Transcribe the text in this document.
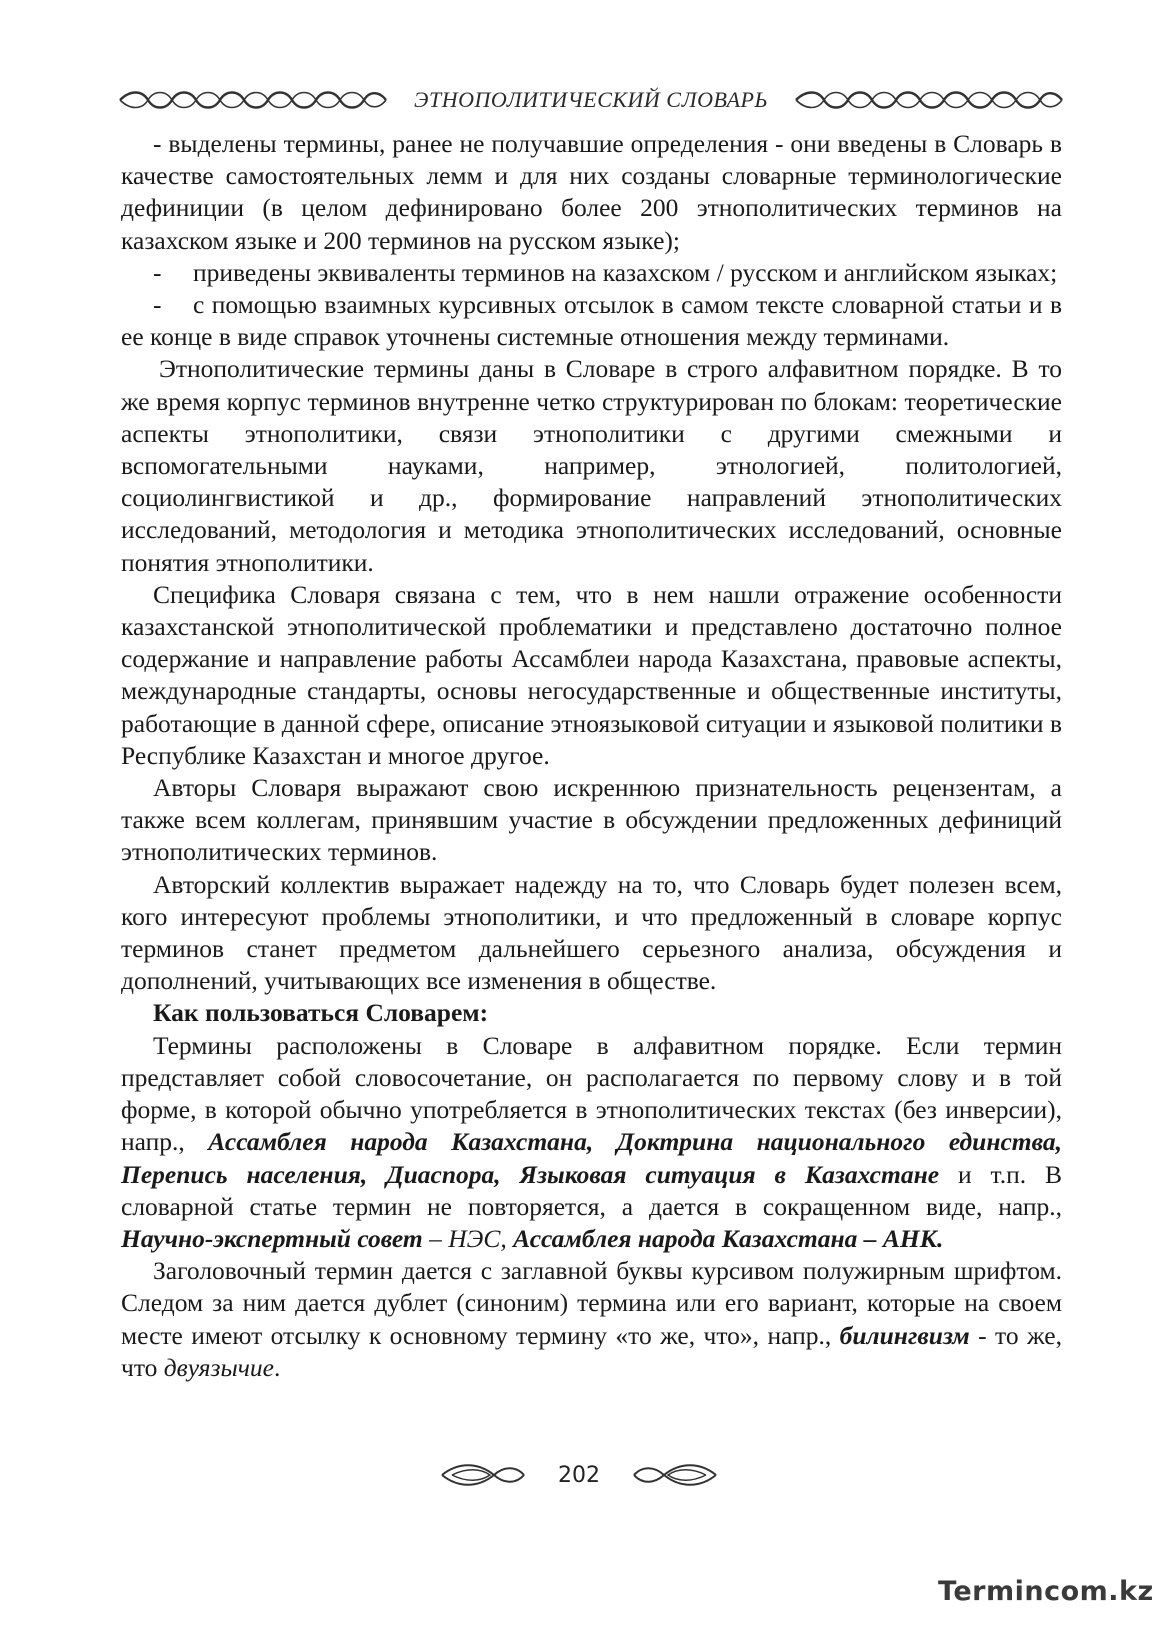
ЭТНОПОЛИТИЧЕСКИЙ СЛОВАРЬ

- выделены термины, ранее не получавшие определения - они введены в Словарь в качестве самостоятельных лемм и для них созданы словарные терминологические дефиниции (в целом дефинировано более 200 этнополитических терминов на казахском языке и 200 терминов на русском языке);

- приведены эквиваленты терминов на казахском / русском и английском языках;

- с помощью взаимных курсивных отсылок в самом тексте словарной статьи и в ее конце в виде справок уточнены системные отношения между терминами.

Этнополитические термины даны в Словаре в строго алфавитном порядке. В то же время корпус терминов внутренне четко структурирован по блокам: теоретические аспекты этнополитики, связи этнополитики с другими смежными и вспомогательными науками, например, этнологией, политологией, социолингвистикой и др., формирование направлений этнополитических исследований, методология и методика этнополитических исследований, основные понятия этнополитики.

Специфика Словаря связана с тем, что в нем нашли отражение особенности казахстанской этнополитической проблематики и представлено достаточно полное содержание и направление работы Ассамблеи народа Казахстана, правовые аспекты, международные стандарты, основы негосударственные и общественные институты, работающие в данной сфере, описание этноязыковой ситуации и языковой политики в Республике Казахстан и многое другое.

Авторы Словаря выражают свою искреннюю признательность рецензентам, а также всем коллегам, принявшим участие в обсуждении предложенных дефиниций этнополитических терминов.

Авторский коллектив выражает надежду на то, что Словарь будет полезен всем, кого интересуют проблемы этнополитики, и что предложенный в словаре корпус терминов станет предметом дальнейшего серьезного анализа, обсуждения и дополнений, учитывающих все изменения в обществе.

Как пользоваться Словарем:

Термины расположены в Словаре в алфавитном порядке. Если термин представляет собой словосочетание, он располагается по первому слову и в той форме, в которой обычно употребляется в этнополитических текстах (без инверсии), напр., Ассамблея народа Казахстана, Доктрина национального единства, Перепись населения, Диаспора, Языковая ситуация в Казахстане и т.п. В словарной статье термин не повторяется, а дается в сокращенном виде, напр., Научно-экспертный совет – НЭС, Ассамблея народа Казахстана – АНК.

Заголовочный термин дается с заглавной буквы курсивом полужирным шрифтом. Следом за ним дается дублет (синоним) термина или его вариант, которые на своем месте имеют отсылку к основному термину «то же, что», напр., билингвизм - то же, что двуязычие.

202
Termincom.kz
